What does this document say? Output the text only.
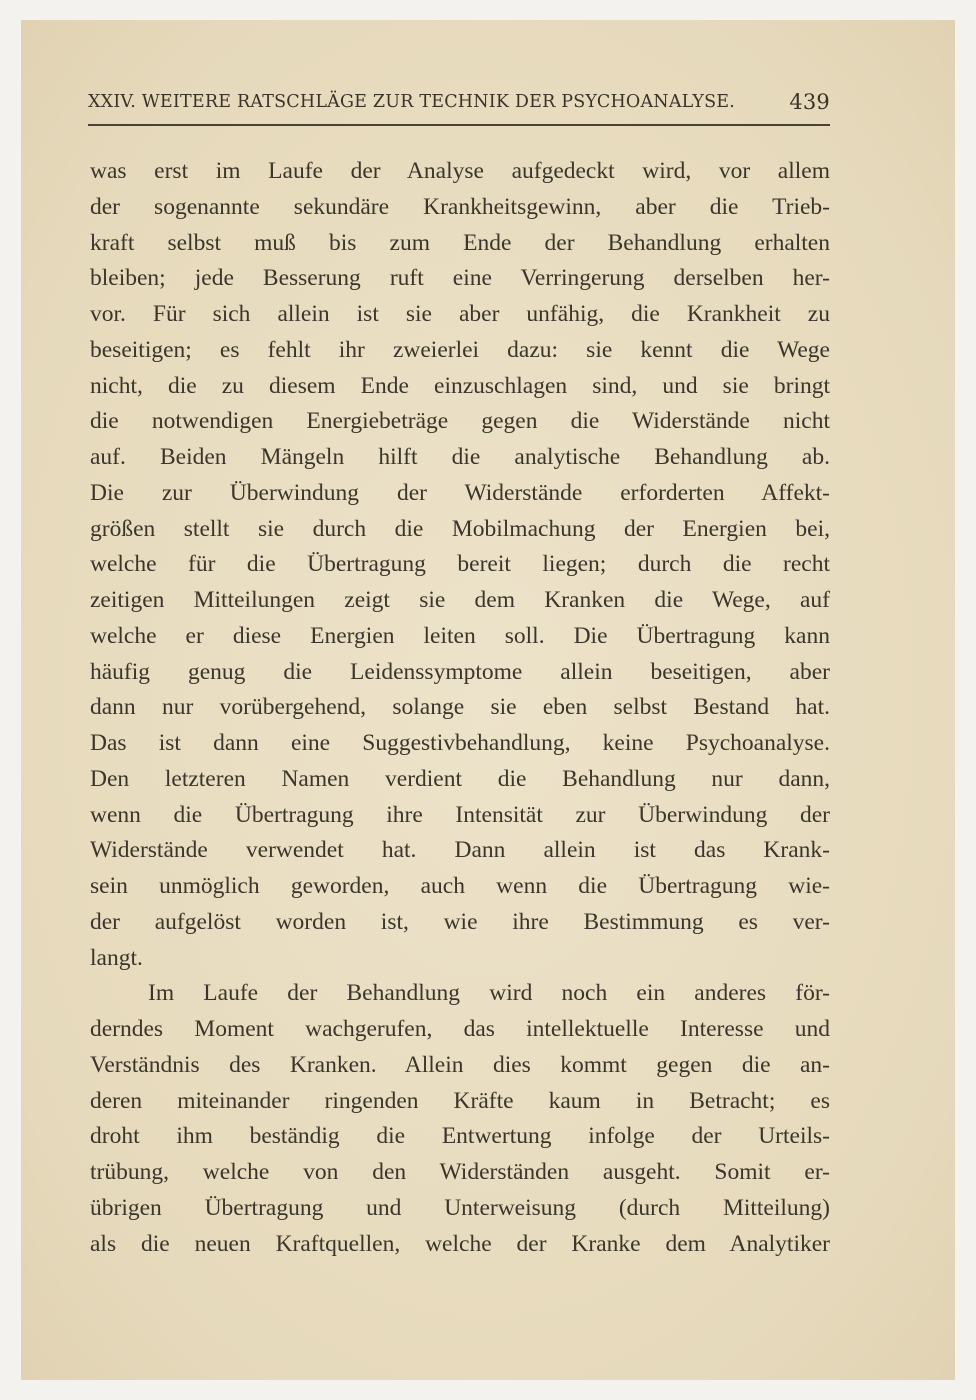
XXIV. WEITERE RATSCHLÄGE ZUR TECHNIK DER PSYCHOANALYSE.	439
was erst im Laufe der Analyse aufgedeckt wird, vor allem
der sogenannte sekundäre Krankheitsgewinn, aber die Trieb-
kraft selbst muß bis zum Ende der Behandlung erhalten
bleiben; jede Besserung ruft eine Verringerung derselben her-
vor. Für sich allein ist sie aber unfähig, die Krankheit zu
beseitigen; es fehlt ihr zweierlei dazu: sie kennt die Wege
nicht, die zu diesem Ende einzuschlagen sind, und sie bringt
die notwendigen Energiebeträge gegen die Widerstände nicht
auf. Beiden Mängeln hilft die analytische Behandlung ab.
Die zur Überwindung der Widerstände erforderten Affekt-
größen stellt sie durch die Mobilmachung der Energien bei,
welche für die Übertragung bereit liegen; durch die recht
zeitigen Mitteilungen zeigt sie dem Kranken die Wege, auf
welche er diese Energien leiten soll. Die Übertragung kann
häufig genug die Leidenssymptome allein beseitigen, aber
dann nur vorübergehend, solange sie eben selbst Bestand hat.
Das ist dann eine Suggestivbehandlung, keine Psychoanalyse.
Den letzteren Namen verdient die Behandlung nur dann,
wenn die Übertragung ihre Intensität zur Überwindung der
Widerstände verwendet hat. Dann allein ist das Krank-
sein unmöglich geworden, auch wenn die Übertragung wie-
der aufgelöst worden ist, wie ihre Bestimmung es ver-
langt.
Im Laufe der Behandlung wird noch ein anderes för-
derndes Moment wachgerufen, das intellektuelle Interesse und
Verständnis des Kranken. Allein dies kommt gegen die an-
deren miteinander ringenden Kräfte kaum in Betracht; es
droht ihm beständig die Entwertung infolge der Urteils-
trübung, welche von den Widerständen ausgeht. Somit er-
übrigen Übertragung und Unterweisung (durch Mitteilung)
als die neuen Kraftquellen, welche der Kranke dem Analytiker
